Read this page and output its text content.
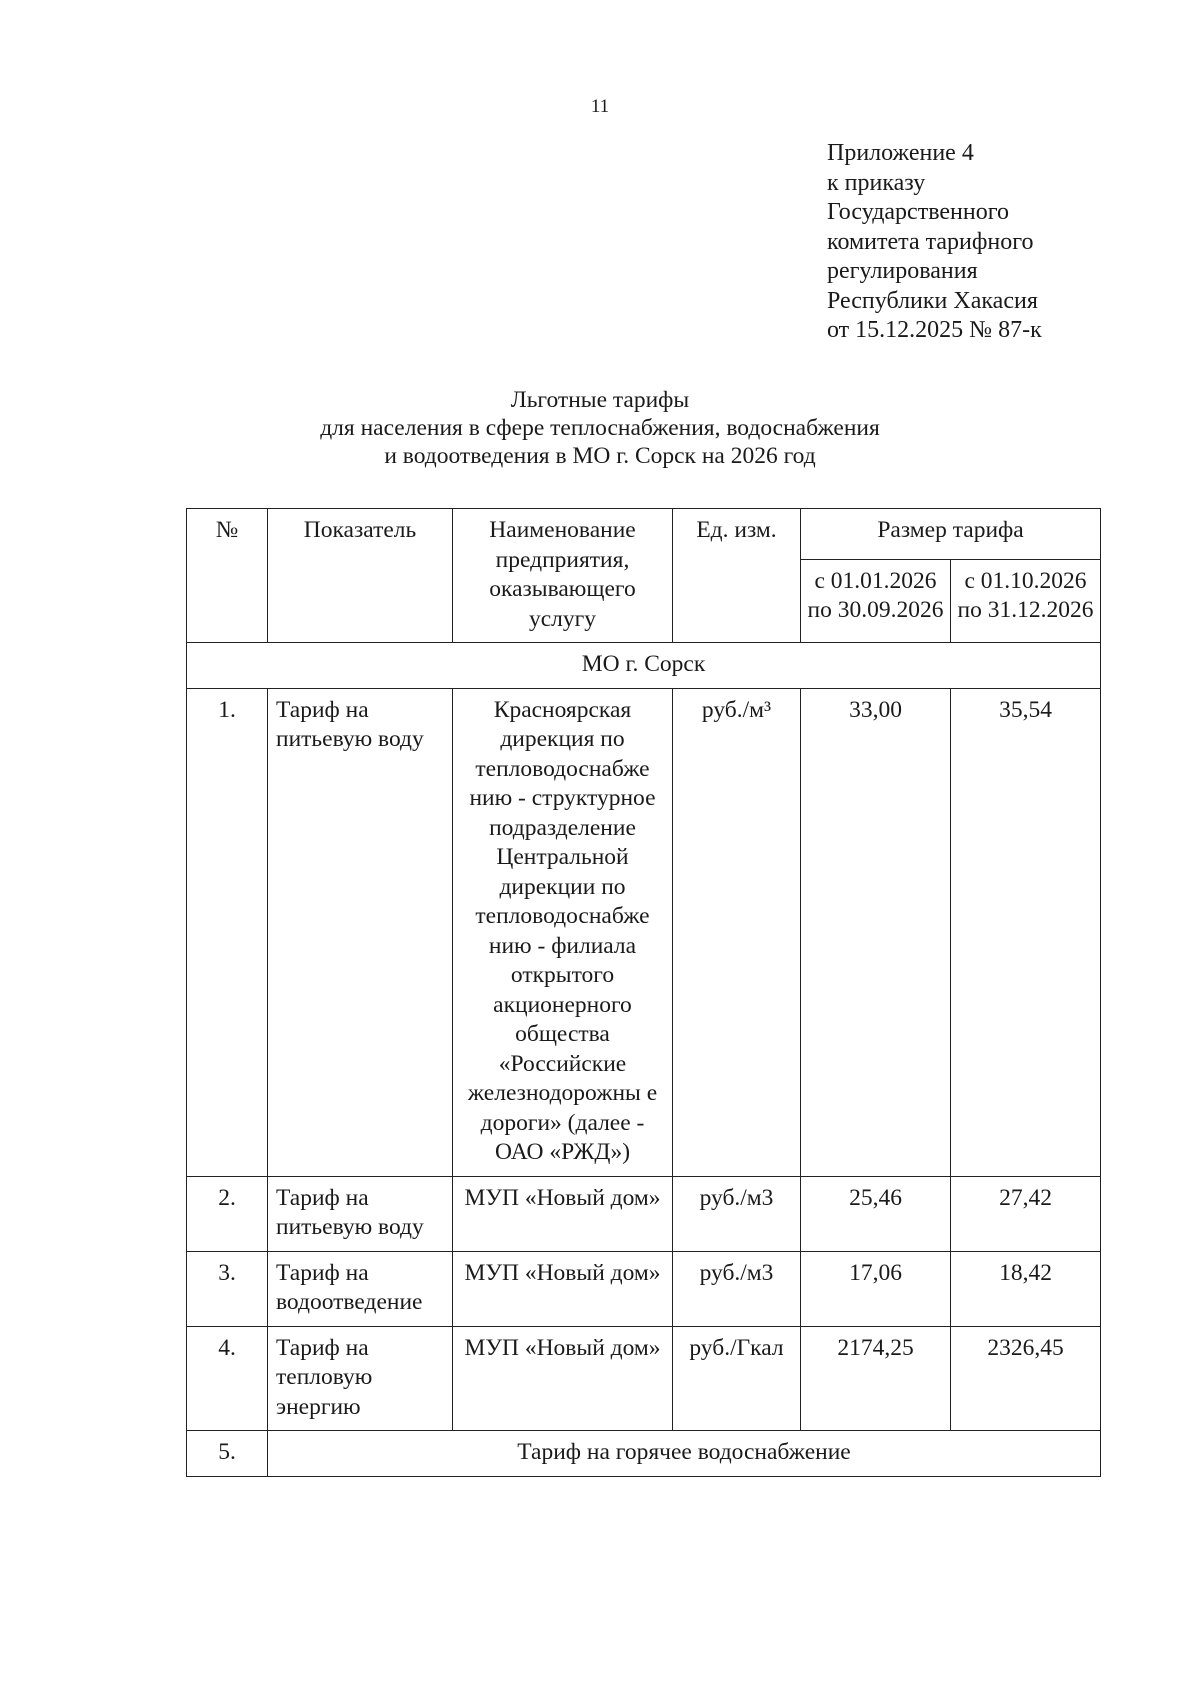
11
Приложение 4
к приказу
Государственного
комитета тарифного
регулирования
Республики Хакасия
от 15.12.2025 № 87-к
Льготные тарифы
для населения в сфере теплоснабжения, водоснабжения
и водоотведения в МО г. Сорск на 2026 год
№	Показатель	Наименование предприятия, оказывающего услугу	Ед. изм.	Размер тарифа	
				с 01.01.2026 по 30.09.2026	с 01.10.2026 по 31.12.2026
МО г. Сорск					
1.	Тариф на питьевую воду	Красноярская дирекция по тепловодоснабже нию - структурное подразделение Центральной дирекции по тепловодоснабже нию - филиала открытого акционерного общества «Российские железнодорожны е дороги» (далее - ОАО «РЖД»)	руб./м³	33,00	35,54
2.	Тариф на питьевую воду	МУП «Новый дом»	руб./м3	25,46	27,42
3.	Тариф на водоотведение	МУП «Новый дом»	руб./м3	17,06	18,42
4.	Тариф на тепловую энергию	МУП «Новый дом»	руб./Гкал	2174,25	2326,45
5.	Тариф на горячее водоснабжение				
